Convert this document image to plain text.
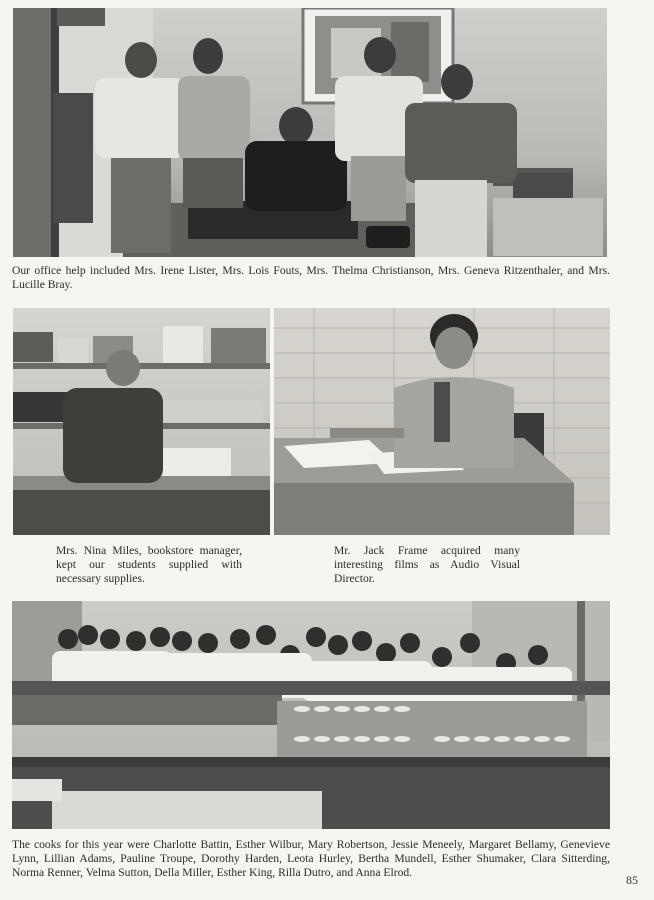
Our office help included Mrs. Irene Lister, Mrs. Lois Fouts, Mrs. Thelma Christianson, Mrs. Geneva Ritzenthaler, and Mrs. Lucille Bray.

Mrs. Nina Miles, bookstore manager, kept our students supplied with necessary supplies.

Mr. Jack Frame acquired many interesting films as Audio Visual Director.

The cooks for this year were Charlotte Battin, Esther Wilbur, Mary Robertson, Jessie Meneely, Margaret Bellamy, Genevieve Lynn, Lillian Adams, Pauline Troupe, Dorothy Harden, Leota Hurley, Bertha Mundell, Esther Shumaker, Clara Sitterding, Norma Renner, Velma Sutton, Della Miller, Esther King, Rilla Dutro, and Anna Elrod.

85
